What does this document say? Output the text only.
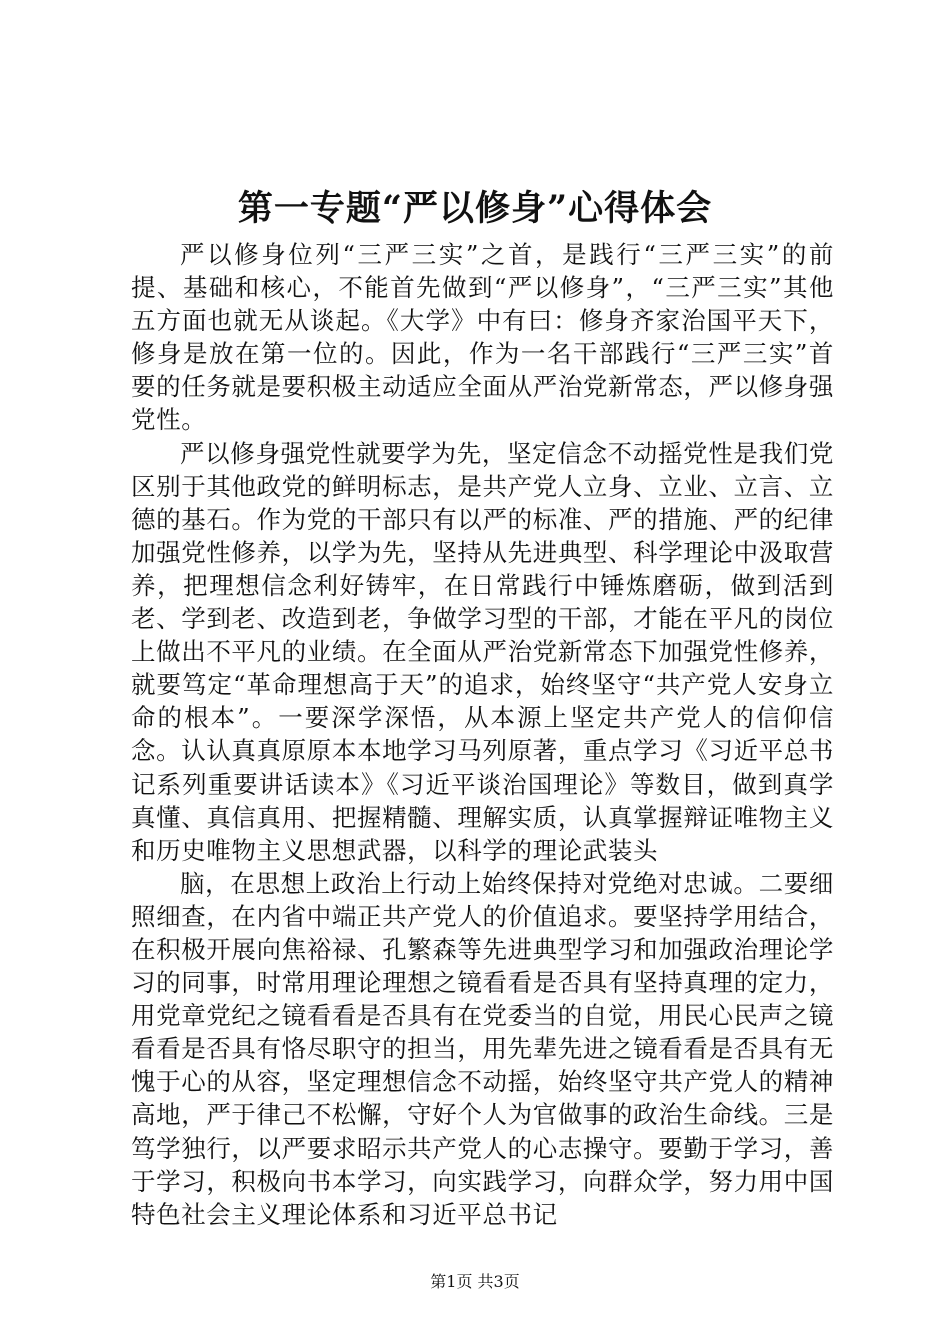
第一专题“严以修身”心得体会

严以修身位列“三严三实”之首，是践行“三严三实”的前提、基础和核心，不能首先做到“严以修身”，“三严三实”其他五方面也就无从谈起。《大学》中有曰：修身齐家治国平天下，修身是放在第一位的。因此，作为一名干部践行“三严三实”首要的任务就是要积极主动适应全面从严治党新常态，严以修身强党性。

严以修身强党性就要学为先，坚定信念不动摇党性是我们党区别于其他政党的鲜明标志，是共产党人立身、立业、立言、立德的基石。作为党的干部只有以严的标准、严的措施、严的纪律加强党性修养，以学为先，坚持从先进典型、科学理论中汲取营养，把理想信念利好铸牢，在日常践行中锤炼磨砺，做到活到老、学到老、改造到老，争做学习型的干部，才能在平凡的岗位上做出不平凡的业绩。在全面从严治党新常态下加强党性修养，就要笃定“革命理想高于天”的追求，始终坚守“共产党人安身立命的根本”。一要深学深悟，从本源上坚定共产党人的信仰信念。认认真真原原本本地学习马列原著，重点学习《习近平总书记系列重要讲话读本》《习近平谈治国理论》等数目，做到真学真懂、真信真用、把握精髓、理解实质，认真掌握辩证唯物主义和历史唯物主义思想武器，以科学的理论武装头

脑，在思想上政治上行动上始终保持对党绝对忠诚。二要细照细查，在内省中端正共产党人的价值追求。要坚持学用结合，在积极开展向焦裕禄、孔繁森等先进典型学习和加强政治理论学习的同事，时常用理论理想之镜看看是否具有坚持真理的定力，用党章党纪之镜看看是否具有在党委当的自觉，用民心民声之镜看看是否具有恪尽职守的担当，用先辈先进之镜看看是否具有无愧于心的从容，坚定理想信念不动摇，始终坚守共产党人的精神高地，严于律己不松懈，守好个人为官做事的政治生命线。三是笃学独行，以严要求昭示共产党人的心志操守。要勤于学习，善于学习，积极向书本学习，向实践学习，向群众学，努力用中国特色社会主义理论体系和习近平总书记

第1页 共3页
